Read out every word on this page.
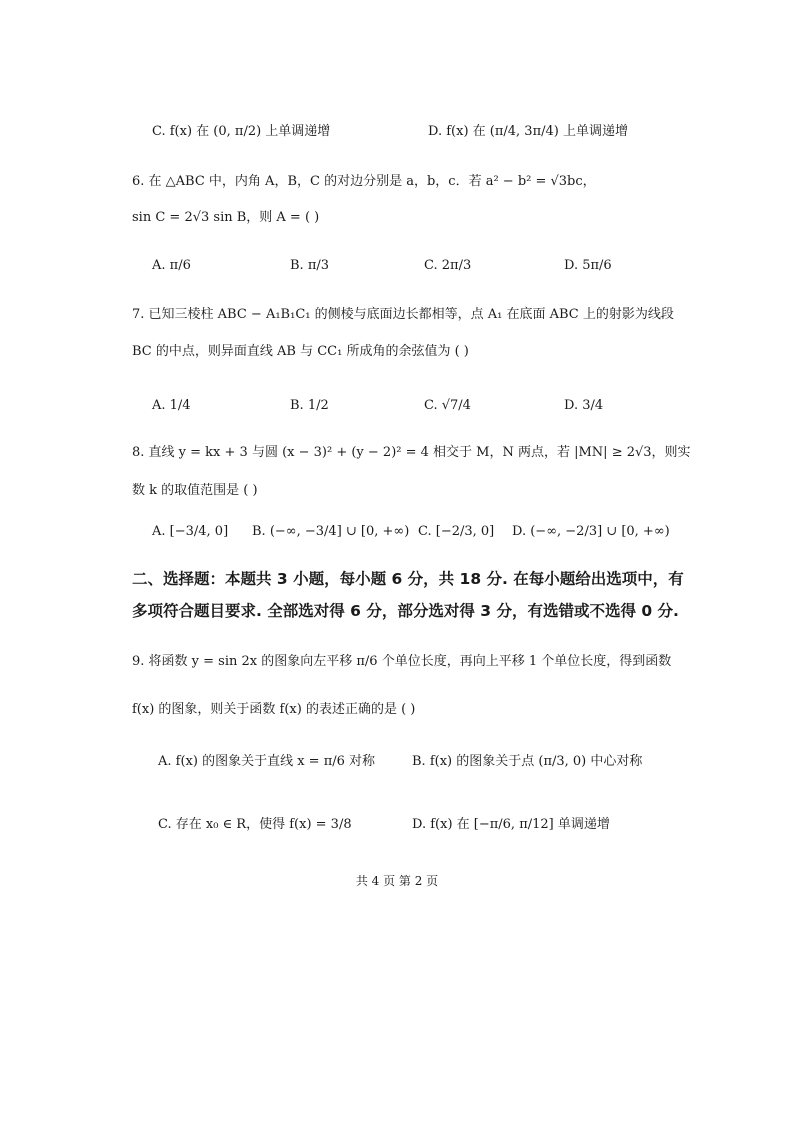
C. f(x) 在 (0, π/2) 上单调递增	D. f(x) 在 (π/4, 3π/4) 上单调递增
6. 在 △ABC 中，内角 A，B，C 的对边分别是 a，b，c．若 a² − b² = √3bc，
sin C = 2√3 sin B，则 A = ( )
A. π/6	B. π/3	C. 2π/3	D. 5π/6
7. 已知三棱柱 ABC − A₁B₁C₁ 的侧棱与底面边长都相等，点 A₁ 在底面 ABC 上的射影为线段
BC 的中点，则异面直线 AB 与 CC₁ 所成角的余弦值为 ( )
A. 1/4	B. 1/2	C. √7/4	D. 3/4
8. 直线 y = kx + 3 与圆 (x − 3)² + (y − 2)² = 4 相交于 M，N 两点，若 |MN| ≥ 2√3，则实
数 k 的取值范围是 ( )
A. [−3/4, 0] B. (−∞, −3/4] ∪ [0, +∞) C. [−2/3, 0] D. (−∞, −2/3] ∪ [0, +∞)
二、选择题：本题共 3 小题，每小题 6 分，共 18 分. 在每小题给出选项中，有
多项符合题目要求. 全部选对得 6 分，部分选对得 3 分，有选错或不选得 0 分.
9. 将函数 y = sin 2x 的图象向左平移 π/6 个单位长度，再向上平移 1 个单位长度，得到函数
f(x) 的图象，则关于函数 f(x) 的表述正确的是 ( )
A. f(x) 的图象关于直线 x = π/6 对称	B. f(x) 的图象关于点 (π/3, 0) 中心对称
C. 存在 x₀ ∈ R，使得 f(x) = 3/8	D. f(x) 在 [−π/6, π/12] 单调递增
共 4 页 第 2 页
